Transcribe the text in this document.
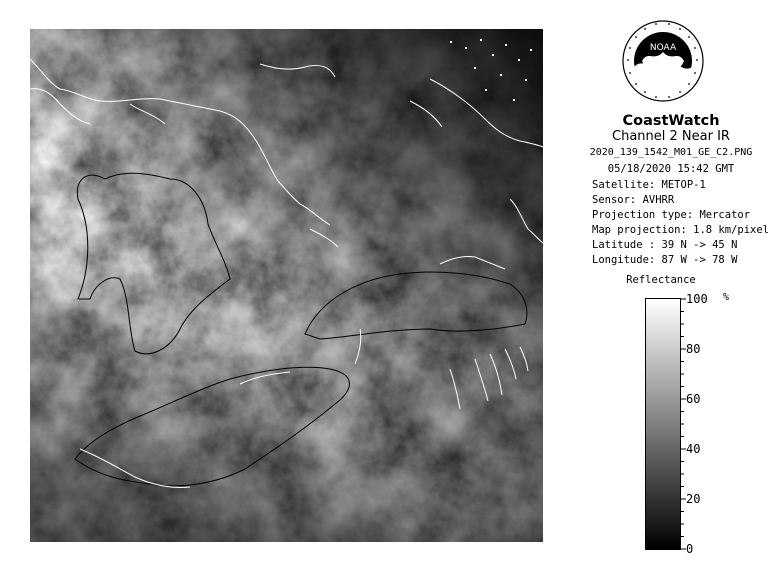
NOAA
CoastWatch
Channel 2 Near IR
2020_139_1542_M01_GE_C2.PNG
05/18/2020 15:42 GMT
Satellite: METOP-1
Sensor: AVHRR
Projection type: Mercator
Map projection: 1.8 km/pixel
Latitude : 39 N -> 45 N
Longitude: 87 W -> 78 W
Reflectance
%
100
80
60
40
20
0
